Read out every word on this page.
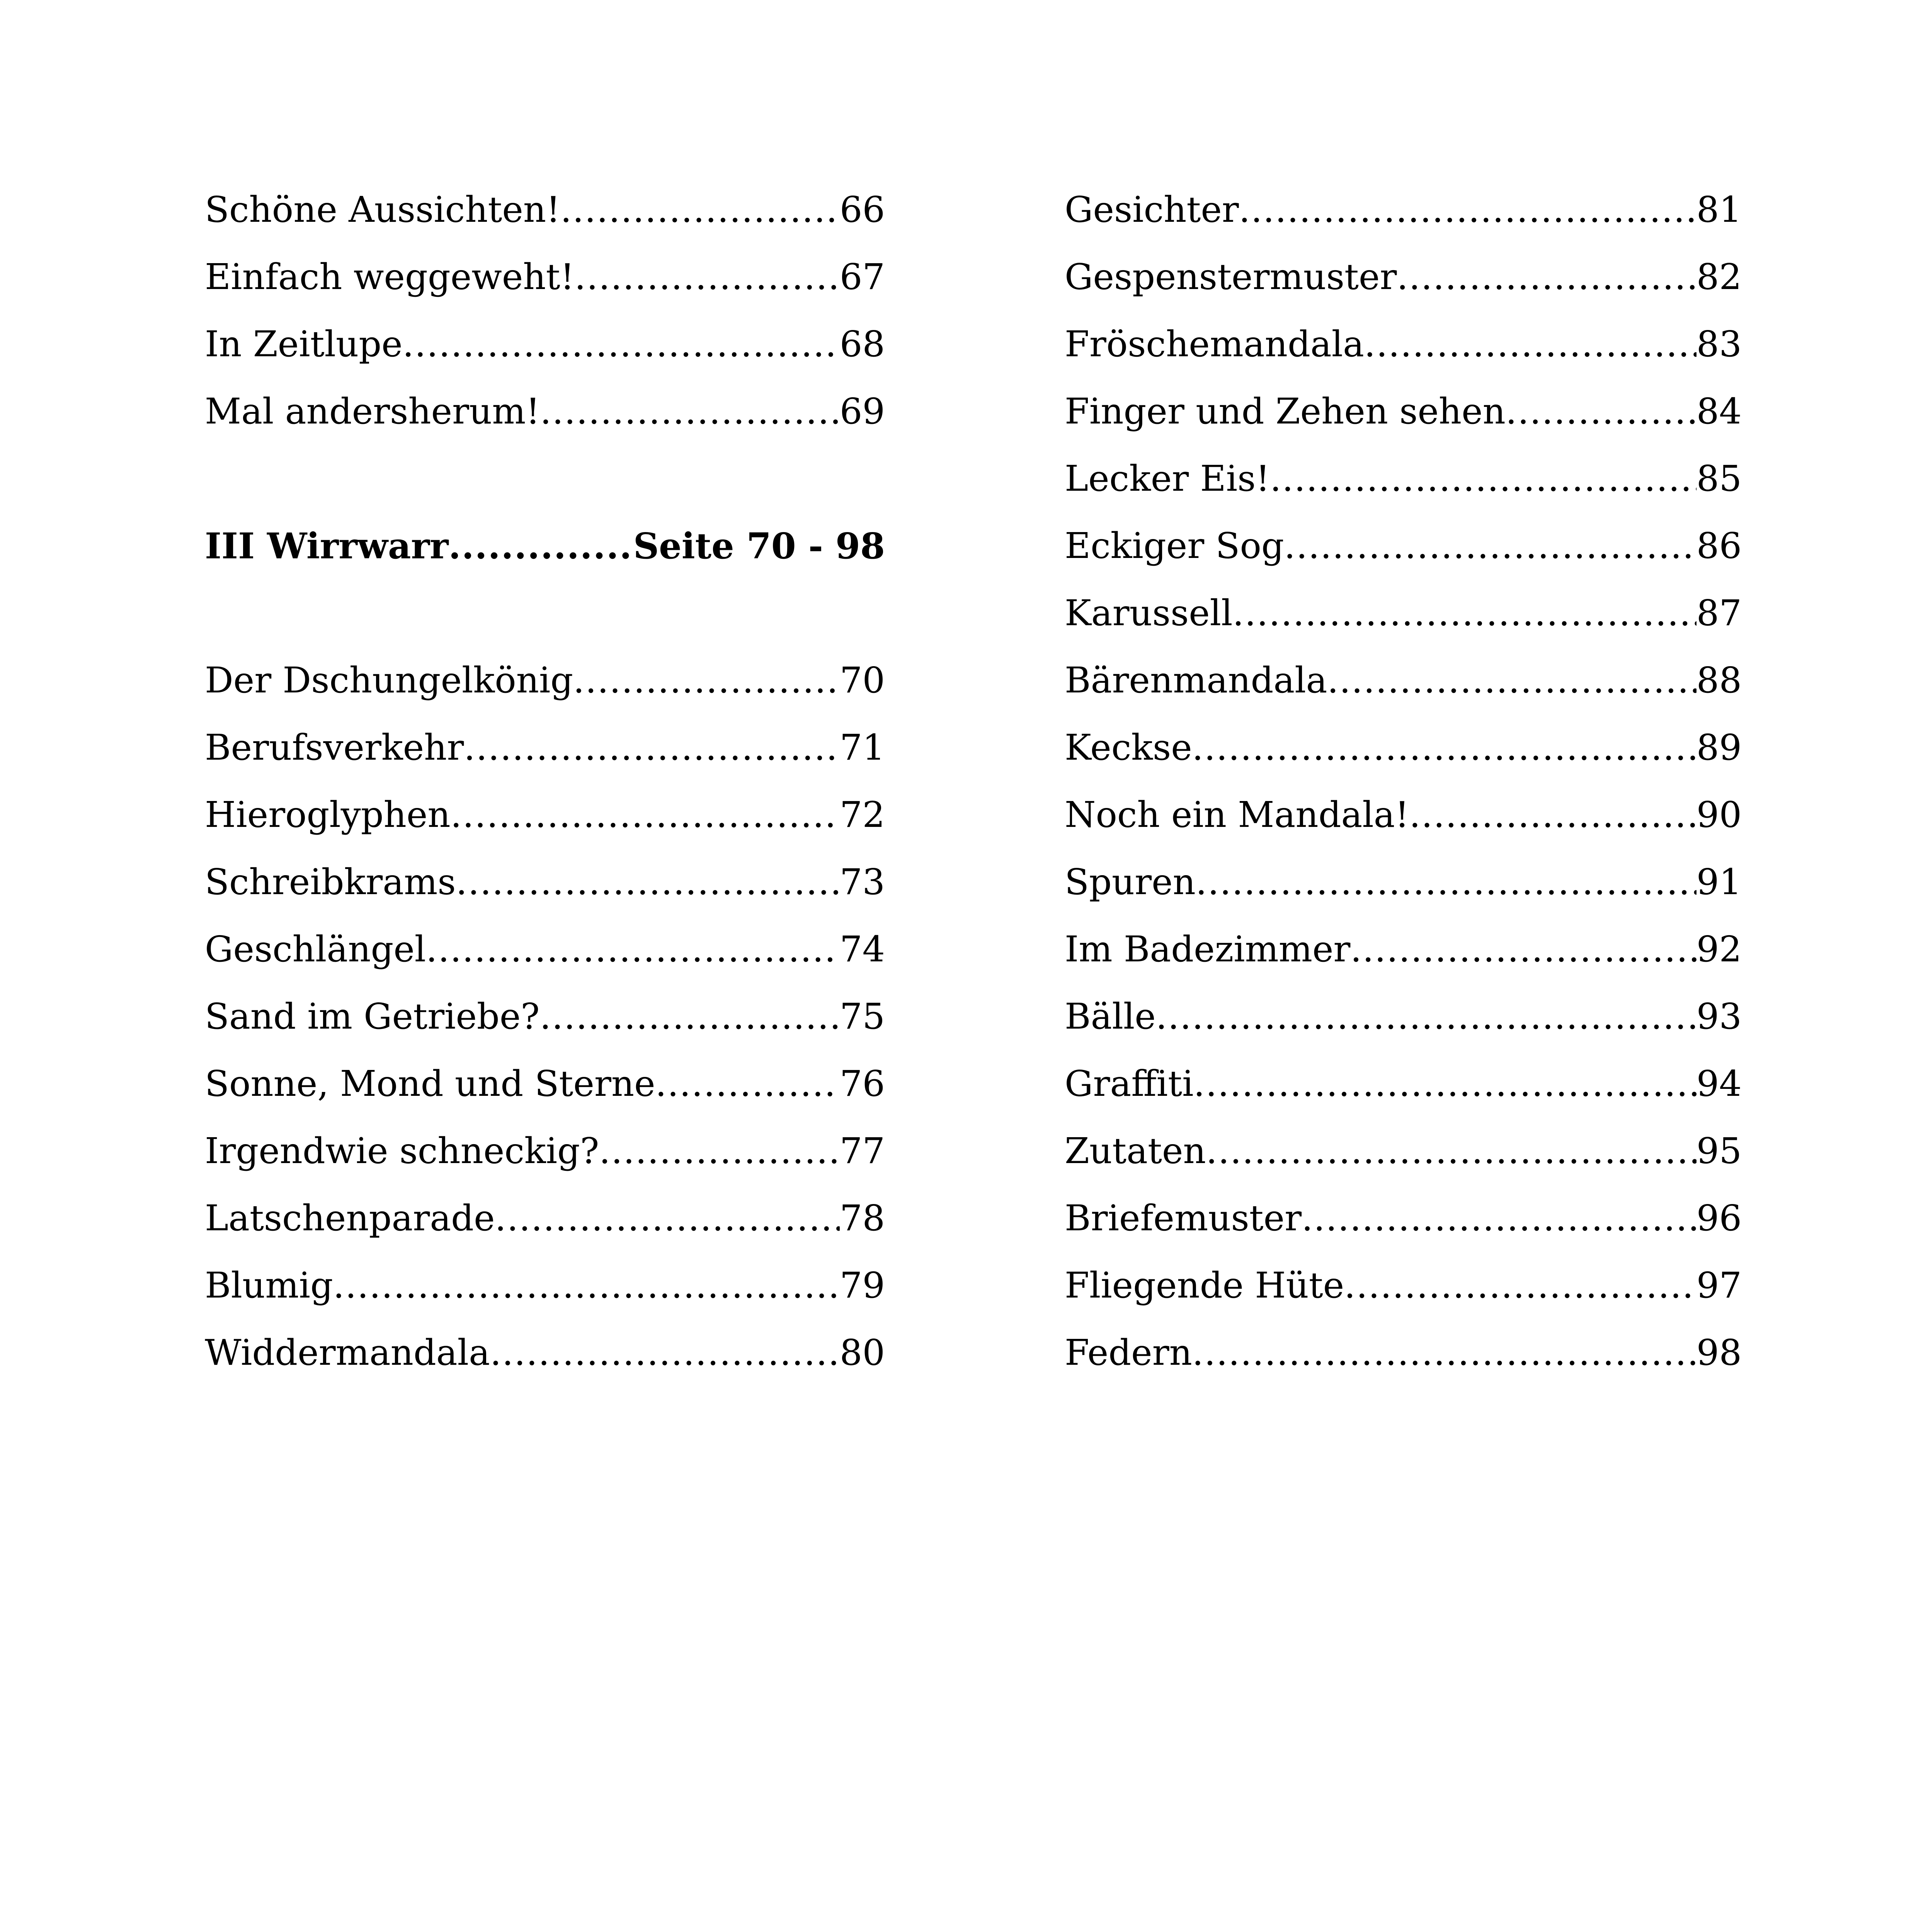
Schöne Aussichten! .....	66
Einfach weggeweht! .....	67
In Zeitlupe .....	68
Mal andersherum! .....	69
III Wirrwarr .....	Seite 70 - 98
Der Dschungelkönig .....	70
Berufsverkehr .....	71
Hieroglyphen .....	72
Schreibkrams .....	73
Geschlängel .....	74
Sand im Getriebe? .....	75
Sonne, Mond und Sterne .....	76
Irgendwie schneckig? .....	77
Latschenparade .....	78
Blumig .....	79
Widdermandala .....	80
Gesichter .....	81
Gespenstermuster .....	82
Fröschemandala .....	83
Finger und Zehen sehen .....	84
Lecker Eis! .....	85
Eckiger Sog .....	86
Karussell .....	87
Bärenmandala .....	88
Keckse .....	89
Noch ein Mandala! .....	90
Spuren .....	91
Im Badezimmer .....	92
Bälle .....	93
Graffiti .....	94
Zutaten .....	95
Briefemuster .....	96
Fliegende Hüte .....	97
Federn .....	98
